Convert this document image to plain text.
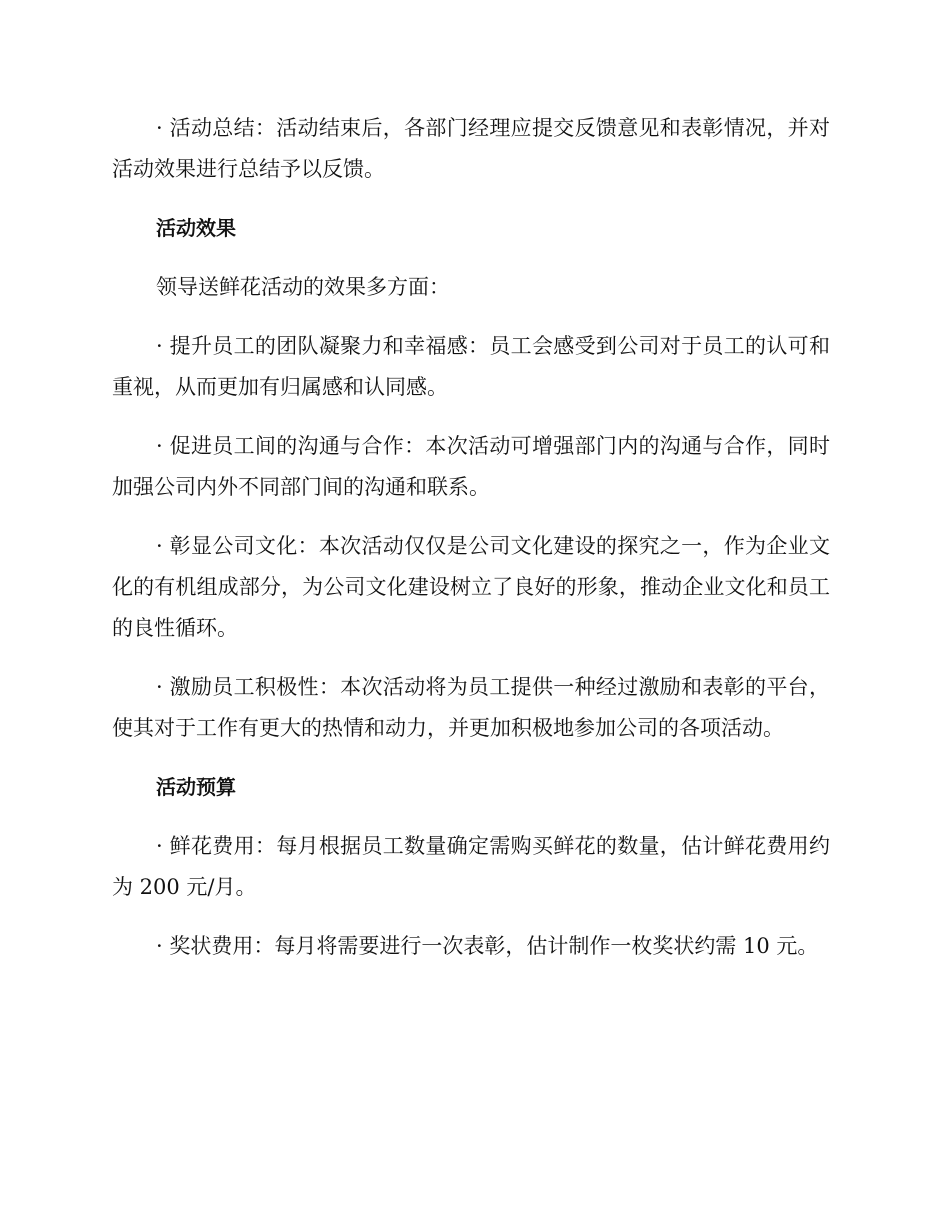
· 活动总结：活动结束后，各部门经理应提交反馈意见和表彰情况，并对活动效果进行总结予以反馈。

活动效果

领导送鲜花活动的效果多方面：

· 提升员工的团队凝聚力和幸福感：员工会感受到公司对于员工的认可和重视，从而更加有归属感和认同感。

· 促进员工间的沟通与合作：本次活动可增强部门内的沟通与合作，同时加强公司内外不同部门间的沟通和联系。

· 彰显公司文化：本次活动仅仅是公司文化建设的探究之一，作为企业文化的有机组成部分，为公司文化建设树立了良好的形象，推动企业文化和员工的良性循环。

· 激励员工积极性：本次活动将为员工提供一种经过激励和表彰的平台，使其对于工作有更大的热情和动力，并更加积极地参加公司的各项活动。

活动预算

· 鲜花费用：每月根据员工数量确定需购买鲜花的数量，估计鲜花费用约为 200 元/月。

· 奖状费用：每月将需要进行一次表彰，估计制作一枚奖状约需 10 元。
